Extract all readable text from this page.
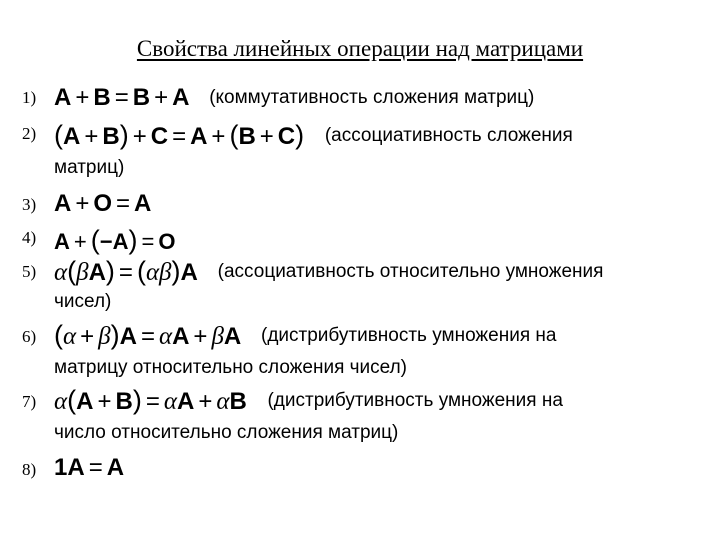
Свойства линейных операции над матрицами
1) A + B = B + A (коммутативность сложения матриц)
2) (A + B) + C = A + (B + C) (ассоциативность сложения
матриц)
3) A + O = A
4) A + (−A) = O
5) α(βA) = (αβ)A (ассоциативность относительно умножения
чисел)
6) (α + β)A = αA + βA (дистрибутивность умножения на
матрицу относительно сложения чисел)
7) α(A + B) = αA + αB (дистрибутивность умножения на
число относительно сложения матриц)
8) 1A = A
